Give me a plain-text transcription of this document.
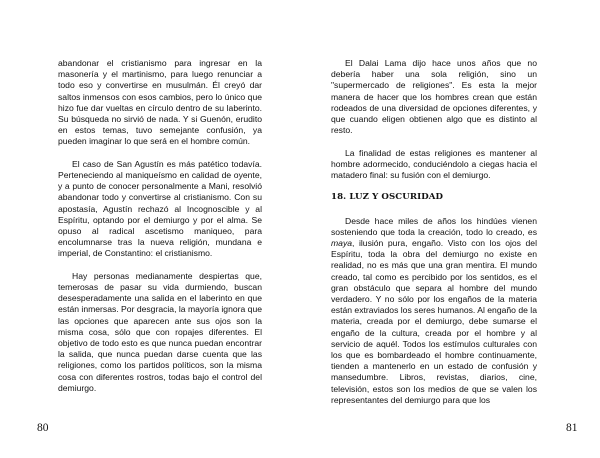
abandonar el cristianismo para ingresar en la masonería y el martinismo, para luego renunciar a todo eso y convertirse en musulmán. Él creyó dar saltos inmensos con esos cambios, pero lo único que hizo fue dar vueltas en círculo dentro de su laberinto. Su búsqueda no sirvió de nada. Y si Guenón, erudito en estos temas, tuvo semejante confusión, ya pueden imaginar lo que será en el hombre común.

El caso de San Agustín es más patético todavía. Perteneciendo al maniqueísmo en calidad de oyente, y a punto de conocer personalmente a Mani, resolvió abandonar todo y convertirse al cristianismo. Con su apostasía, Agustín rechazó al Incognoscible y al Espíritu, optando por el demiurgo y por el alma. Se opuso al radical ascetismo maniqueo, para encolumnarse tras la nueva religión, mundana e imperial, de Constantino: el cristianismo.

Hay personas medianamente despiertas que, temerosas de pasar su vida durmiendo, buscan desesperadamente una salida en el laberinto en que están inmersas. Por desgracia, la mayoría ignora que las opciones que aparecen ante sus ojos son la misma cosa, sólo que con ropajes diferentes. El objetivo de todo esto es que nunca puedan encontrar la salida, que nunca puedan darse cuenta que las religiones, como los partidos políticos, son la misma cosa con diferentes rostros, todas bajo el control del demiurgo.

80

El Dalai Lama dijo hace unos años que no debería haber una sola religión, sino un "supermercado de religiones". Es esta la mejor manera de hacer que los hombres crean que están rodeados de una diversidad de opciones diferentes, y que cuando eligen obtienen algo que es distinto al resto.

La finalidad de estas religiones es mantener al hombre adormecido, conduciéndolo a ciegas hacia el matadero final: su fusión con el demiurgo.

18. LUZ Y OSCURIDAD

Desde hace miles de años los hindúes vienen sosteniendo que toda la creación, todo lo creado, es maya, ilusión pura, engaño. Visto con los ojos del Espíritu, toda la obra del demiurgo no existe en realidad, no es más que una gran mentira. El mundo creado, tal como es percibido por los sentidos, es el gran obstáculo que separa al hombre del mundo verdadero. Y no sólo por los engaños de la materia están extraviados los seres humanos. Al engaño de la materia, creada por el demiurgo, debe sumarse el engaño de la cultura, creada por el hombre y al servicio de aquél. Todos los estímulos culturales con los que es bombardeado el hombre continuamente, tienden a mantenerlo en un estado de confusión y mansedumbre. Libros, revistas, diarios, cine, televisión, estos son los medios de que se valen los representantes del demiurgo para que los

81
